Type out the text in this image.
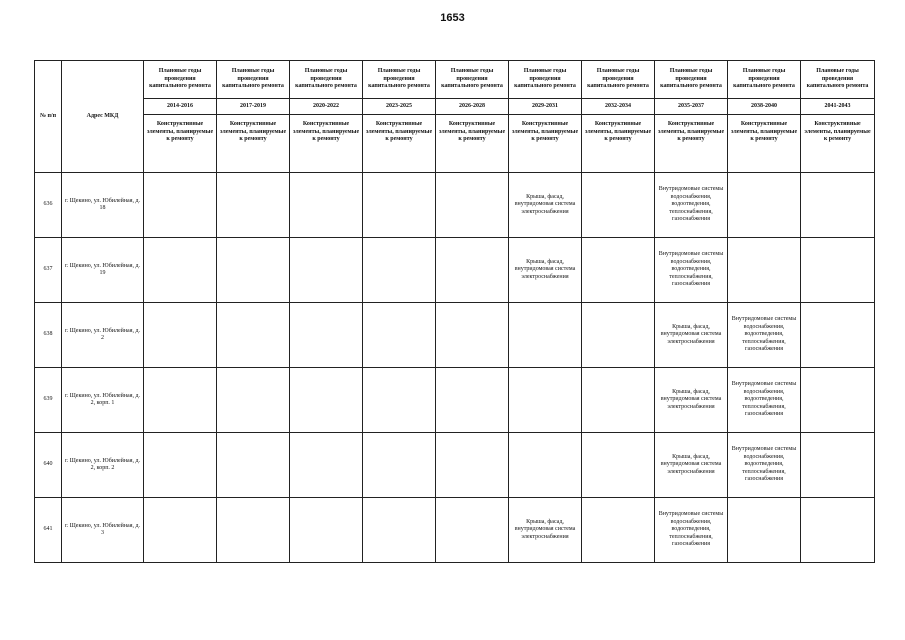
1653
№ п/п	Адрес МКД	Плановые годы проведения капитального ремонта	Плановые годы проведения капитального ремонта	Плановые годы проведения капитального ремонта	Плановые годы проведения капитального ремонта	Плановые годы проведения капитального ремонта	Плановые годы проведения капитального ремонта	Плановые годы проведения капитального ремонта	Плановые годы проведения капитального ремонта	Плановые годы проведения капитального ремонта	Плановые годы проведения капитального ремонта
		2014-2016	2017-2019	2020-2022	2023-2025	2026-2028	2029-2031	2032-2034	2035-2037	2038-2040	2041-2043
		Конструктивные элементы, планируемые к ремонту	Конструктивные элементы, планируемые к ремонту	Конструктивные элементы, планируемые к ремонту	Конструктивные элементы, планируемые к ремонту	Конструктивные элементы, планируемые к ремонту	Конструктивные элементы, планируемые к ремонту	Конструктивные элементы, планируемые к ремонту	Конструктивные элементы, планируемые к ремонту	Конструктивные элементы, планируемые к ремонту	Конструктивные элементы, планируемые к ремонту
636	г. Щекино, ул. Юбилейная, д. 18						Крыша, фасад, внутридомовая система электроснабжения		Внутридомовые системы водоснабжения, водоотведения, теплоснабжения, газоснабжения		
637	г. Щекино, ул. Юбилейная, д. 19						Крыша, фасад, внутридомовая система электроснабжения		Внутридомовые системы водоснабжения, водоотведения, теплоснабжения, газоснабжения		
638	г. Щекино, ул. Юбилейная, д. 2								Крыша, фасад, внутридомовая система электроснабжения	Внутридомовые системы водоснабжения, водоотведения, теплоснабжения, газоснабжения	
639	г. Щекино, ул. Юбилейная, д. 2, корп. 1								Крыша, фасад, внутридомовая система электроснабжения	Внутридомовые системы водоснабжения, водоотведения, теплоснабжения, газоснабжения	
640	г. Щекино, ул. Юбилейная, д. 2, корп. 2								Крыша, фасад, внутридомовая система электроснабжения	Внутридомовые системы водоснабжения, водоотведения, теплоснабжения, газоснабжения	
641	г. Щекино, ул. Юбилейная, д. 3						Крыша, фасад, внутридомовая система электроснабжения		Внутридомовые системы водоснабжения, водоотведения, теплоснабжения, газоснабжения		
